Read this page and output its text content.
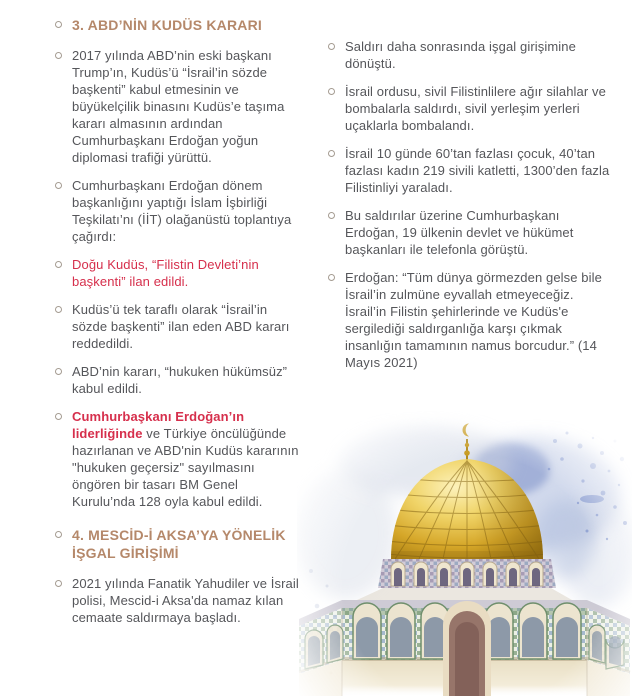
3. ABD’NİN KUDÜS KARARI
2017 yılında ABD’nin eski başkanı Trump’ın, Kudüs’ü “İsrail’in sözde başkenti” kabul etmesinin ve büyükelçilik binasını Kudüs’e taşıma kararı almasının ardından Cumhurbaşkanı Erdoğan yoğun diplomasi trafiği yürüttü.
Cumhurbaşkanı Erdoğan dönem başkanlığını yaptığı İslam İşbirliği Teşkilatı’nı (İİT) olağanüstü toplantıya çağırdı:
Doğu Kudüs, “Filistin Devleti’nin başkenti” ilan edildi.
Kudüs’ü tek taraflı olarak “İsrail’in sözde başkenti” ilan eden ABD kararı reddedildi.
ABD’nin kararı, “hukuken hükümsüz” kabul edildi.
Cumhurbaşkanı Erdoğan’ın liderliğinde ve Türkiye öncülüğünde hazırlanan ve ABD'nin Kudüs kararının "hukuken geçersiz" sayılmasını öngören bir tasarı BM Genel Kurulu’nda 128 oyla kabul edildi.
4. MESCİD-İ AKSA’YA YÖNELİK İŞGAL GİRİŞİMİ
2021 yılında Fanatik Yahudiler ve İsrail polisi, Mescid-i Aksa'da namaz kılan cemaate saldırmaya başladı.
Saldırı daha sonrasında işgal girişimine dönüştü.
İsrail ordusu, sivil Filistinlilere ağır silahlar ve bombalarla saldırdı, sivil yerleşim yerleri uçaklarla bombalandı.
İsrail 10 günde 60’tan fazlası çocuk, 40’tan fazlası kadın 219 sivili katletti, 1300’den fazla Filistinliyi yaraladı.
Bu saldırılar üzerine Cumhurbaşkanı Erdoğan, 19 ülkenin devlet ve hükümet başkanları ile telefonla görüştü.
Erdoğan: “Tüm dünya görmezden gelse bile İsrail’in zulmüne eyvallah etmeyeceğiz. İsrail’in Filistin şehirlerinde ve Kudüs'e sergilediği saldırganlığa karşı çıkmak insanlığın tamamının namus borcudur.” (14 Mayıs 2021)
